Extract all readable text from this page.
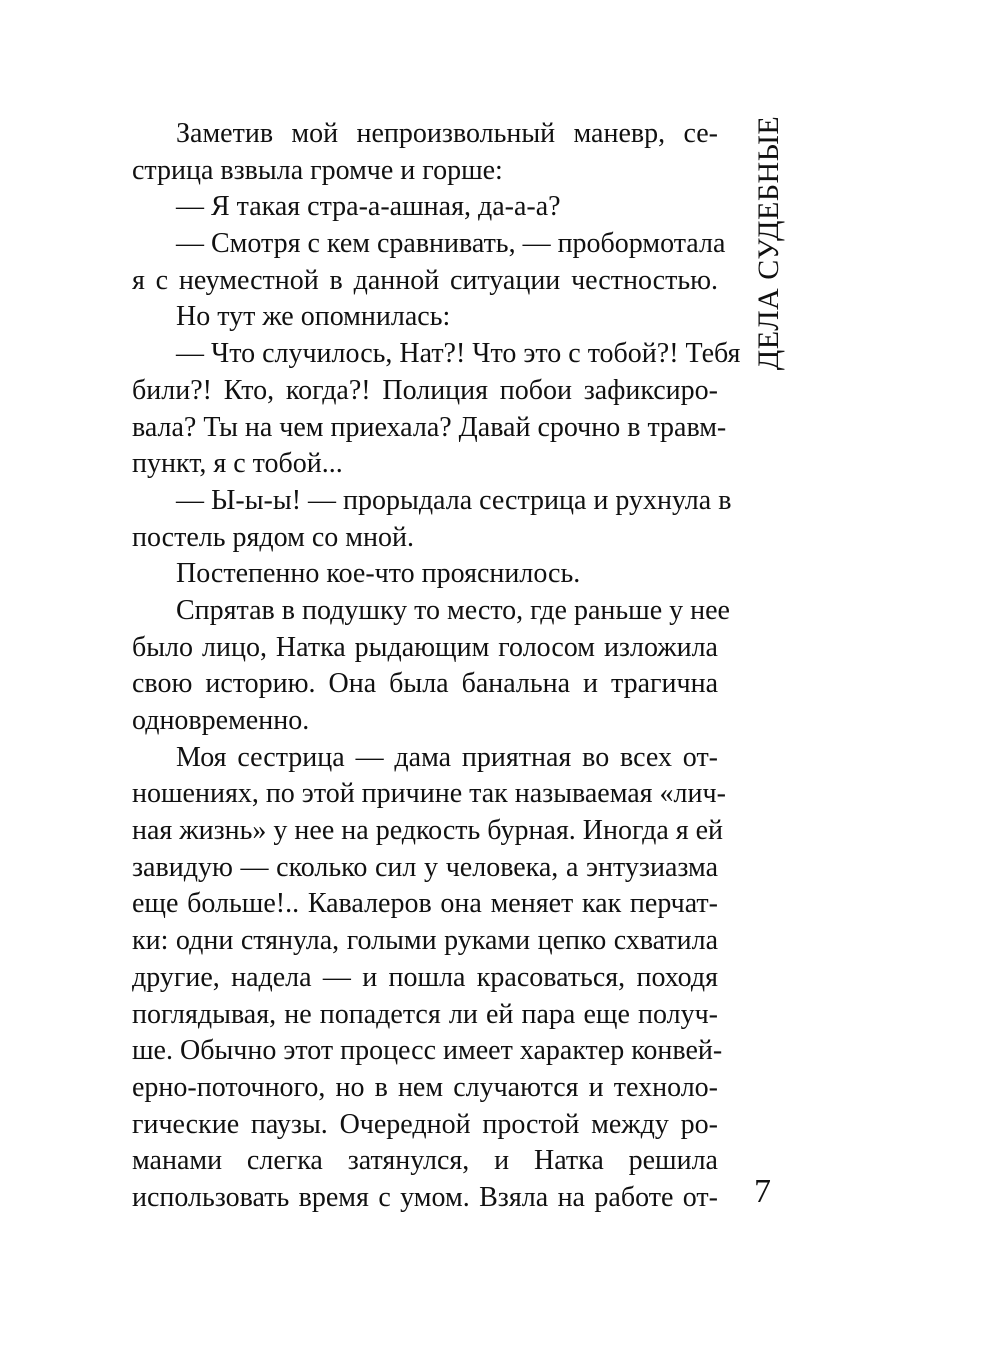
Заметив мой непроизвольный маневр, се-
стрица взвыла громче и горше:
— Я такая стра-а-ашная, да-а-а?
— Смотря с кем сравнивать, — пробормотала
я с неуместной в данной ситуации честностью.
Но тут же опомнилась:
— Что случилось, Нат?! Что это с тобой?! Тебя
били?! Кто, когда?! Полиция побои зафиксиро-
вала? Ты на чем приехала? Давай срочно в травм-
пункт, я с тобой...
— Ы-ы-ы! — прорыдала сестрица и рухнула в
постель рядом со мной.
Постепенно кое-что прояснилось.
Спрятав в подушку то место, где раньше у нее
было лицо, Натка рыдающим голосом изложила
свою историю. Она была банальна и трагична
одновременно.
Моя сестрица — дама приятная во всех от-
ношениях, по этой причине так называемая «лич-
ная жизнь» у нее на редкость бурная. Иногда я ей
завидую — сколько сил у человека, а энтузиазма
еще больше!.. Кавалеров она меняет как перчат-
ки: одни стянула, голыми руками цепко схватила
другие, надела — и пошла красоваться, походя
поглядывая, не попадется ли ей пара еще получ-
ше. Обычно этот процесс имеет характер конвей-
ерно-поточного, но в нем случаются и техноло-
гические паузы. Очередной простой между ро-
манами слегка затянулся, и Натка решила
использовать время с умом. Взяла на работе от-
ДЕЛА СУДЕБНЫЕ
7
